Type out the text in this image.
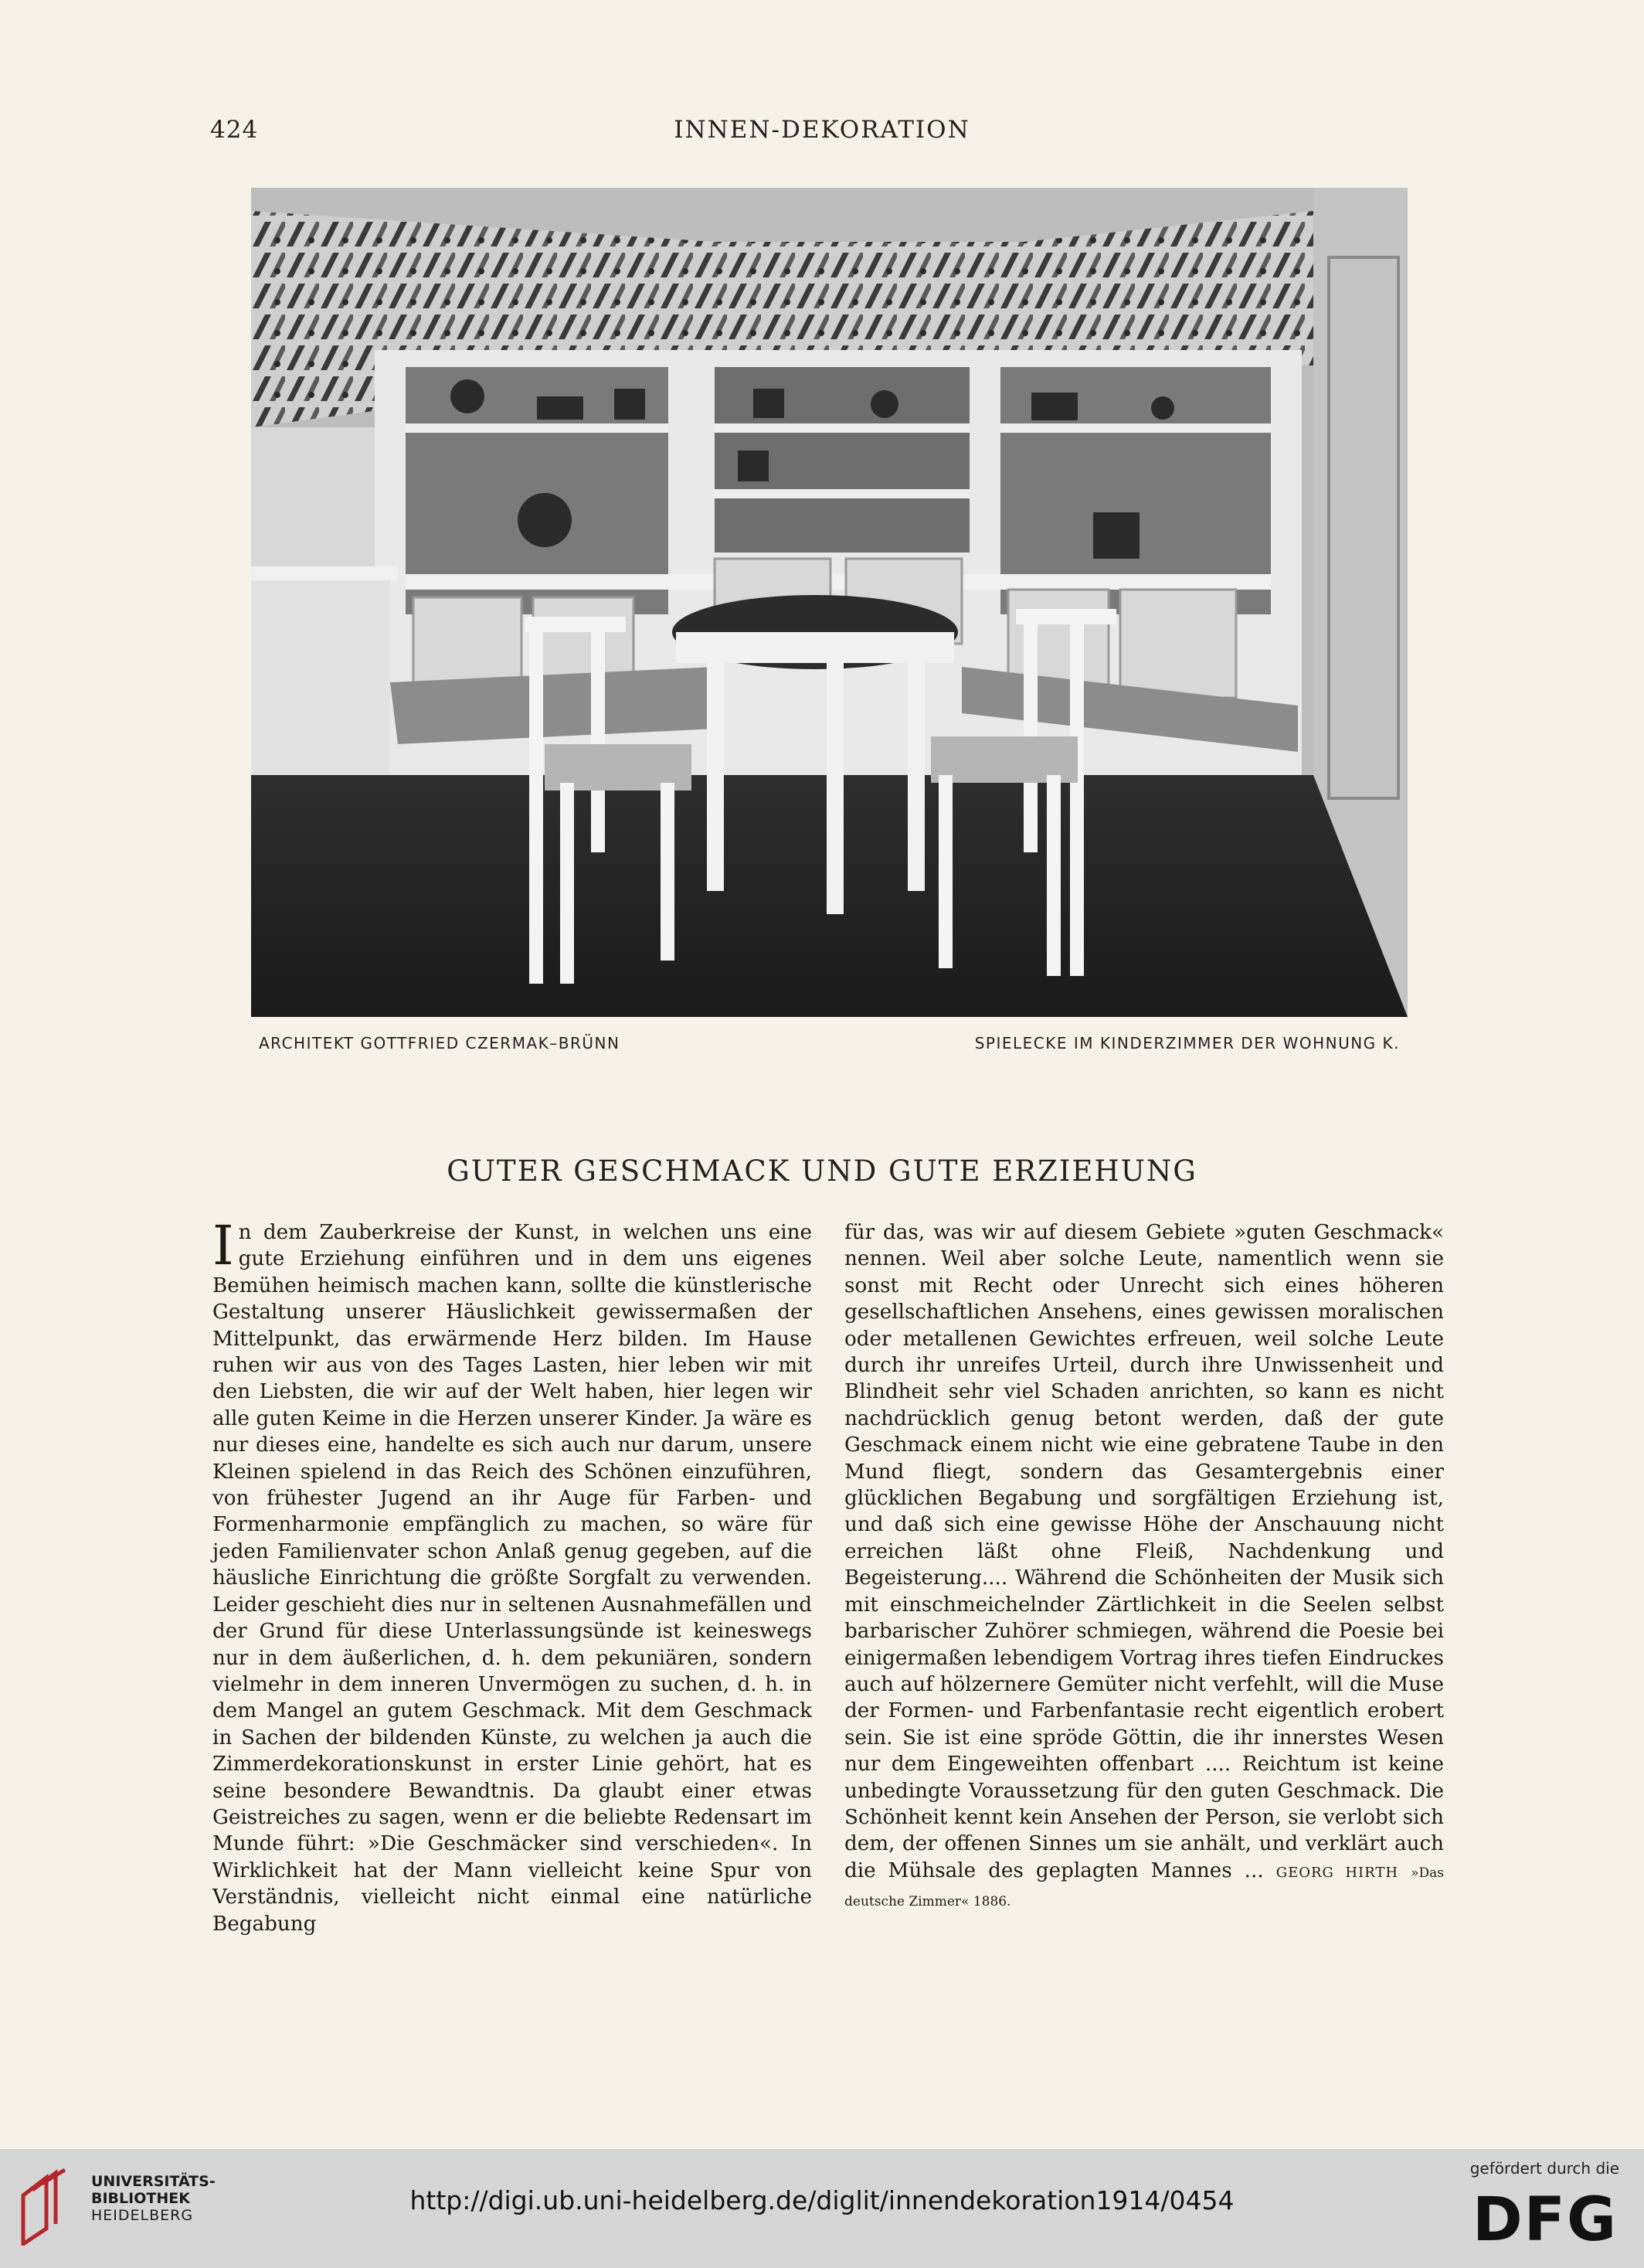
424	INNEN-DEKORATION
ARCHITEKT GOTTFRIED CZERMAK–BRÜNN	SPIELECKE IM KINDERZIMMER DER WOHNUNG K.
GUTER GESCHMACK UND GUTE ERZIEHUNG

In dem Zauberkreise der Kunst, in welchen uns eine gute Erziehung einführen und in dem uns eigenes Bemühen heimisch machen kann, sollte die künstlerische Gestaltung unserer Häuslichkeit gewissermaßen der Mittelpunkt, das erwärmende Herz bilden. Im Hause ruhen wir aus von des Tages Lasten, hier leben wir mit den Liebsten, die wir auf der Welt haben, hier legen wir alle guten Keime in die Herzen unserer Kinder. Ja wäre es nur dieses eine, handelte es sich auch nur darum, unsere Kleinen spielend in das Reich des Schönen einzuführen, von frühester Jugend an ihr Auge für Farben- und Formenharmonie empfänglich zu machen, so wäre für jeden Familienvater schon Anlaß genug gegeben, auf die häusliche Einrichtung die größte Sorgfalt zu verwenden. Leider geschieht dies nur in seltenen Ausnahmefällen und der Grund für diese Unterlassungsünde ist keineswegs nur in dem äußerlichen, d. h. dem pekuniären, sondern vielmehr in dem inneren Unvermögen zu suchen, d. h. in dem Mangel an gutem Geschmack. Mit dem Geschmack in Sachen der bildenden Künste, zu welchen ja auch die Zimmerdekorationskunst in erster Linie gehört, hat es seine besondere Bewandtnis. Da glaubt einer etwas Geistreiches zu sagen, wenn er die beliebte Redensart im Munde führt: »Die Geschmäcker sind verschieden«. In Wirklichkeit hat der Mann vielleicht keine Spur von Verständnis, vielleicht nicht einmal eine natürliche Begabung

für das, was wir auf diesem Gebiete »guten Geschmack« nennen. Weil aber solche Leute, namentlich wenn sie sonst mit Recht oder Unrecht sich eines höheren gesellschaftlichen Ansehens, eines gewissen moralischen oder metallenen Gewichtes erfreuen, weil solche Leute durch ihr unreifes Urteil, durch ihre Unwissenheit und Blindheit sehr viel Schaden anrichten, so kann es nicht nachdrücklich genug betont werden, daß der gute Geschmack einem nicht wie eine gebratene Taube in den Mund fliegt, sondern das Gesamtergebnis einer glücklichen Begabung und sorgfältigen Erziehung ist, und daß sich eine gewisse Höhe der Anschauung nicht erreichen läßt ohne Fleiß, Nachdenkung und Begeisterung.... Während die Schönheiten der Musik sich mit einschmeichelnder Zärtlichkeit in die Seelen selbst barbarischer Zuhörer schmiegen, während die Poesie bei einigermaßen lebendigem Vortrag ihres tiefen Eindruckes auch auf hölzernere Gemüter nicht verfehlt, will die Muse der Formen- und Farbenfantasie recht eigentlich erobert sein. Sie ist eine spröde Göttin, die ihr innerstes Wesen nur dem Eingeweihten offenbart .... Reichtum ist keine unbedingte Voraussetzung für den guten Geschmack. Die Schönheit kennt kein Ansehen der Person, sie verlobt sich dem, der offenen Sinnes um sie anhält, und verklärt auch die Mühsale des geplagten Mannes ... GEORG HIRTH »Das deutsche Zimmer« 1886.

UNIVERSITÄTS-
BIBLIOTHEK
HEIDELBERG	http://digi.ub.uni-heidelberg.de/diglit/innendekoration1914/0454
gefördert durch die
DFG
